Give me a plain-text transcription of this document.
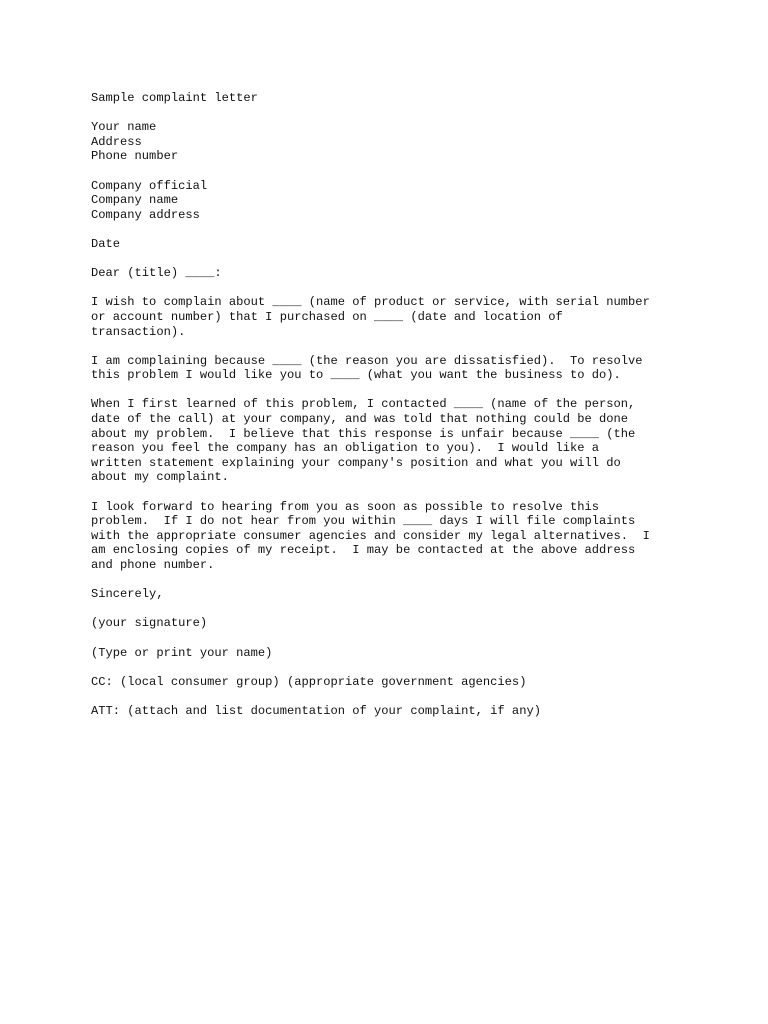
Sample complaint letter

Your name

Address

Phone number

Company official

Company name

Company address

Date

Dear (title) ____:

I wish to complain about ____ (name of product or service, with serial number

or account number) that I purchased on ____ (date and location of

transaction).

I am complaining because ____ (the reason you are dissatisfied).  To resolve

this problem I would like you to ____ (what you want the business to do).

When I first learned of this problem, I contacted ____ (name of the person,

date of the call) at your company, and was told that nothing could be done

about my problem.  I believe that this response is unfair because ____ (the

reason you feel the company has an obligation to you).  I would like a

written statement explaining your company's position and what you will do

about my complaint.

I look forward to hearing from you as soon as possible to resolve this

problem.  If I do not hear from you within ____ days I will file complaints

with the appropriate consumer agencies and consider my legal alternatives.  I

am enclosing copies of my receipt.  I may be contacted at the above address

and phone number.

Sincerely,

(your signature)

(Type or print your name)

CC: (local consumer group) (appropriate government agencies)

ATT: (attach and list documentation of your complaint, if any)
